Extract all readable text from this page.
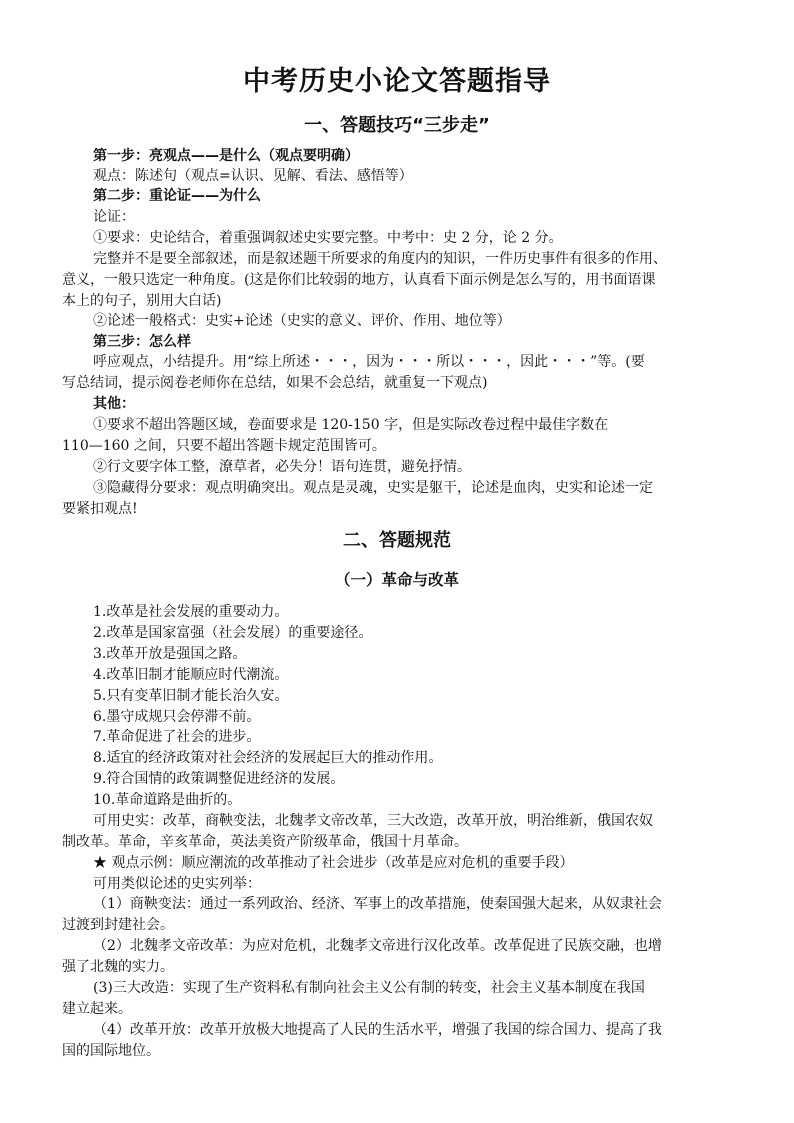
中考历史小论文答题指导
一、答题技巧“三步走”
第一步：亮观点——是什么（观点要明确）
观点：陈述句（观点=认识、见解、看法、感悟等）
第二步：重论证——为什么
论证：
①要求：史论结合，着重强调叙述史实要完整。中考中：史 2 分，论 2 分。
完整并不是要全部叙述，而是叙述题干所要求的角度内的知识，一件历史事件有很多的作用、
意义，一般只选定一种角度。(这是你们比较弱的地方，认真看下面示例是怎么写的，用书面语课
本上的句子，别用大白话)
②论述一般格式：史实+论述（史实的意义、评价、作用、地位等）
第三步：怎么样
呼应观点，小结提升。用“综上所述・・・，因为・・・所以・・・，因此・・・”等。(要
写总结词，提示阅卷老师你在总结，如果不会总结，就重复一下观点)
其他：
①要求不超出答题区域，卷面要求是 120-150 字，但是实际改卷过程中最佳字数在
110—160 之间，只要不超出答题卡规定范围皆可。
②行文要字体工整，潦草者，必失分！语句连贯，避免抒情。
③隐藏得分要求：观点明确突出。观点是灵魂，史实是躯干，论述是血肉，史实和论述一定
要紧扣观点!
二、答题规范
（一）革命与改革
1.改革是社会发展的重要动力。
2.改革是国家富强（社会发展）的重要途径。
3.改革开放是强国之路。
4.改革旧制才能顺应时代潮流。
5.只有变革旧制才能长治久安。
6.墨守成规只会停滞不前。
7.革命促进了社会的进步。
8.适宜的经济政策对社会经济的发展起巨大的推动作用。
9.符合国情的政策调整促进经济的发展。
10.革命道路是曲折的。
可用史实：改革，商鞅变法，北魏孝文帝改革，三大改造，改革开放，明治维新，俄国农奴
制改革。革命，辛亥革命，英法美资产阶级革命，俄国十月革命。
★ 观点示例：顺应潮流的改革推动了社会进步（改革是应对危机的重要手段）
可用类似论述的史实列举：
（1）商鞅变法：通过一系列政治、经济、军事上的改革措施，使秦国强大起来，从奴隶社会
过渡到封建社会。
（2）北魏孝文帝改革：为应对危机，北魏孝文帝进行汉化改革。改革促进了民族交融，也增
强了北魏的实力。
(3)三大改造：实现了生产资料私有制向社会主义公有制的转变，社会主义基本制度在我国
建立起来。
（4）改革开放：改革开放极大地提高了人民的生活水平，增强了我国的综合国力、提高了我
国的国际地位。
